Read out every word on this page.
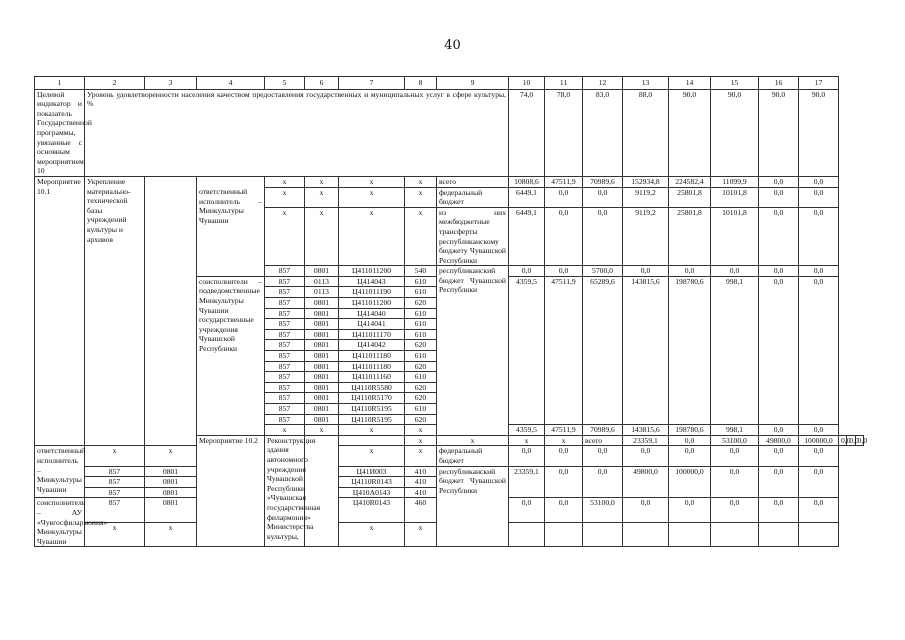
40
1	2	3	4	5	6	7	8	9	10	11	12	13	14	15	16	17			
Целевой индикатор и показатель Государственной программы, увязанные с основным мероприятием 10	Уровень удовлетворенности населения качеством предоставления государственных и муниципальных услуг в сфере культуры, %								74,0	78,0	83,0	88,0	90,0	90,0	90,0	90,0			
Мероприятие 10.1	Укрепление материально-технической базы учреждений культуры и архивов			x	x	x	x	всего	10808,6	47511,9	70989,6	152934,8	224582,4	11099,9	0,0	0,0			
			ответственный исполнитель – Минкультуры Чувашии	x	x	x	x	федеральный бюджет	6449,1	0,0	0,0	9119,2	25801,8	10101,8	0,0	0,0			
				x	x	x	x	из них межбюджетные трансферты республиканскому бюджету Чувашской Республики	6449,1	0,0	0,0	9119,2	25801,8	10101,8	0,0	0,0			
				857	0801	Ц411011200	540	республиканский бюджет Чувашской Республики	0,0	0,0	5700,0	0,0	0,0	0,0	0,0	0,0			
			соисполнители – подведомственные Минкультуры Чувашии государственные учреждения Чувашской Республики	857	0113	Ц414043	610		4359,5	47511,9	65289,6	143815,6	198780,6	998,1	0,0	0,0			
				857	0113	Ц411011190	610												
				857	0801	Ц411011200	620												
				857	0801	Ц414040	610												
				857	0801	Ц414041	610												
				857	0801	Ц411011170	610												
				857	0801	Ц414042	620												
				857	0801	Ц411011180	610												
				857	0801	Ц411011180	620												
				857	0801	Ц411011160	610												
				857	0801	Ц4110R5580	620												
				857	0801	Ц4110R5170	620												
				857	0801	Ц4110R5195	610												
				857	0801	Ц4110R5195	620												
				x	x	x	x		4359,5	47511,9	70989,6	143815,6	198780,6	998,1	0,0	0,0			
			Мероприятие 10.2	Реконструкция здания автономного учреждения Чувашской Республики «Чувашская государственная филармония» Министерства культуры,			x	x	x	x	всего	23359,1	0,0	53100,0	49800,0	100000,0	0,0	0,0	0,0
ответственный исполнитель – Минкультуры Чувашии	x	x				x	x	федеральный бюджет	0,0	0,0	0,0	0,0	0,0	0,0	0,0	0,0			
	857	0801				Ц41И003	410	республиканский бюджет Чувашской Республики	23359,1	0,0	0,0	49800,0	100000,0	0,0	0,0	0,0			
	857	0801				Ц4110R0143	410												
	857	0801				Ц410А0143	410												
соисполнитель – АУ «Чувгосфилармония» Минкультуры Чувашии	857	0801				Ц410R0143	460		0,0	0,0	53100,0	0,0	0,0	0,0	0,0	0,0			
	x	x				x	x												
